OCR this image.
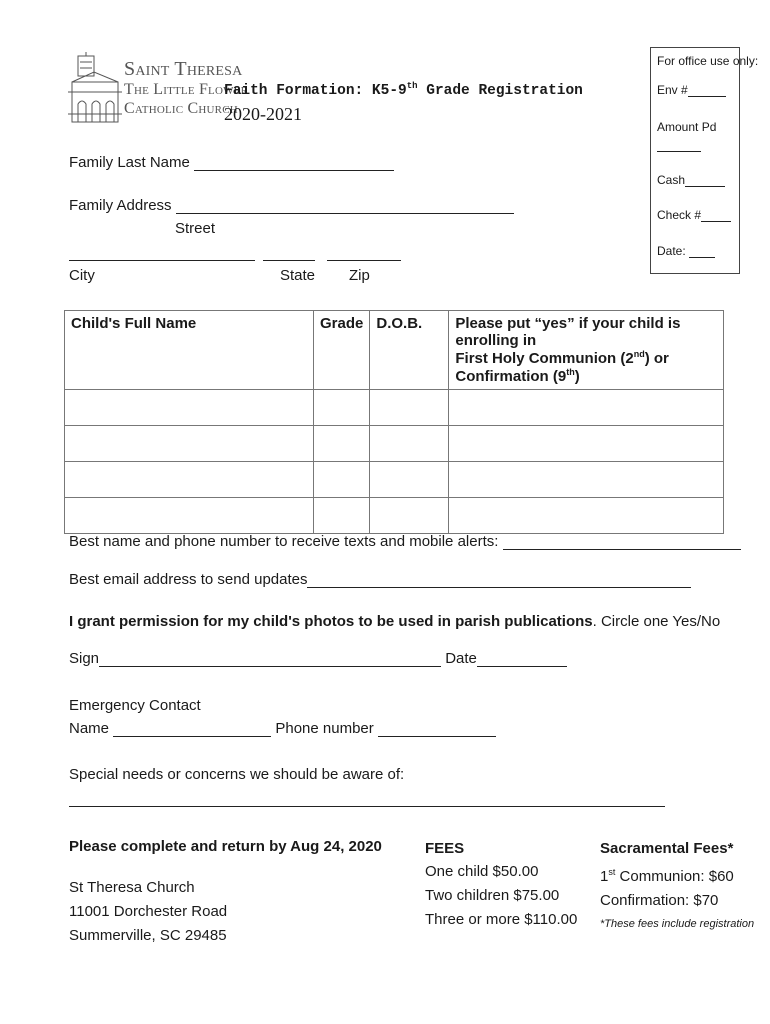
Saint Theresa
The Little Flower
Catholic Church
Faith Formation: K5-9th Grade Registration
2020-2021
For office use only:
Env #
Amount Pd
Cash
Check #
Date:
Family Last Name
Family Address
Street
City	State Zip
Child's Full Name	Grade	D.O.B.	Please put “yes” if your child is enrolling in
First Holy Communion (2nd) or Confirmation (9th)

Best name and phone number to receive texts and mobile alerts:
Best email address to send updates
I grant permission for my child's photos to be used in parish publications. Circle one Yes/No
Sign	Date
Emergency Contact
Name	Phone number
Special needs or concerns we should be aware of:
Please complete and return by Aug 24, 2020
St Theresa Church
11001 Dorchester Road
Summerville, SC 29485
FEES
One child $50.00
Two children $75.00
Three or more $110.00
Sacramental Fees*
1st Communion: $60
Confirmation: $70
*These fees include registration
